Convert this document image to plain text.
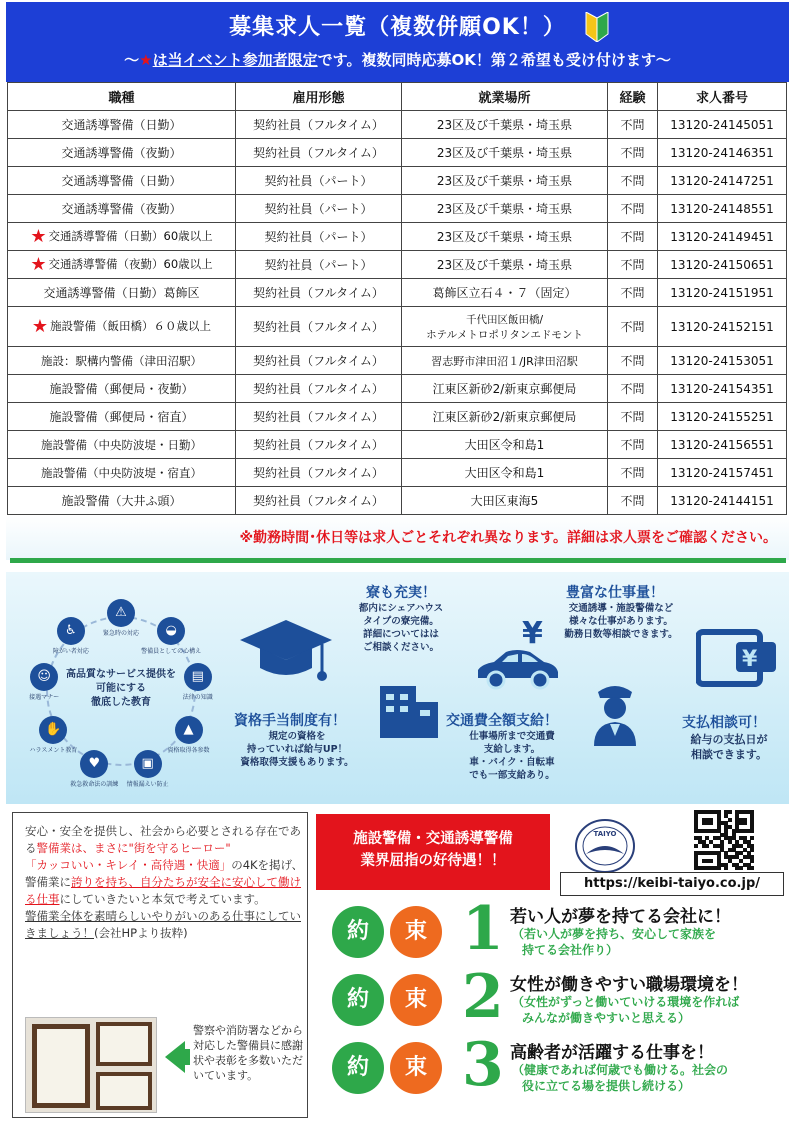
募集求人一覧（複数併願OK！）
〜★は当イベント参加者限定です。複数同時応募OK！第２希望も受け付けます〜
職種	雇用形態	就業場所	経験	求人番号
交通誘導警備（日勤）	契約社員（フルタイム）	23区及び千葉県・埼玉県	不問	13120-24145051
交通誘導警備（夜勤）	契約社員（フルタイム）	23区及び千葉県・埼玉県	不問	13120-24146351
交通誘導警備（日勤）	契約社員（パート）	23区及び千葉県・埼玉県	不問	13120-24147251
交通誘導警備（夜勤）	契約社員（パート）	23区及び千葉県・埼玉県	不問	13120-24148551
★ 交通誘導警備（日勤）60歳以上	契約社員（パート）	23区及び千葉県・埼玉県	不問	13120-24149451
★ 交通誘導警備（夜勤）60歳以上	契約社員（パート）	23区及び千葉県・埼玉県	不問	13120-24150651
交通誘導警備（日勤）葛飾区	契約社員（フルタイム）	葛飾区立石４・７（固定）	不問	13120-24151951
★ 施設警備（飯田橋）６０歳以上	契約社員（フルタイム）	千代田区飯田橋/
ホテルメトロポリタンエドモント	不問	13120-24152151
施設：駅構内警備（津田沼駅）	契約社員（フルタイム）	習志野市津田沼１/JR津田沼駅	不問	13120-24153051
施設警備（郵便局・夜勤）	契約社員（フルタイム）	江東区新砂2/新東京郵便局	不問	13120-24154351
施設警備（郵便局・宿直）	契約社員（フルタイム）	江東区新砂2/新東京郵便局	不問	13120-24155251
施設警備（中央防波堤・日勤）	契約社員（フルタイム）	大田区令和島1	不問	13120-24156551
施設警備（中央防波堤・宿直）	契約社員（フルタイム）	大田区令和島1	不問	13120-24157451
施設警備（大井ふ頭）	契約社員（フルタイム）	大田区東海5	不問	13120-24144151
※勤務時間･休日等は求人ごとそれぞれ異なります。詳細は求人票をご確認ください。
高品質なサービス提供を
可能にする
徹底した教育
⚠
緊急時の対応	◒
警備員としての心構え
▤
法律の知識
▲
資格取得各参数
▣
情報漏えい防止
♥
救急救命法の訓練
✋
ハラスメント教育
☺
接遇マナー
♿
障がい者対応
寮も充実！
都内にシェアハウス
タイプの寮完備。
詳細についてはは
ご相談ください。	¥
豊富な仕事量！
交通誘導・施設警備など
様々な仕事があります。
勤務日数等相談できます。
¥
資格手当制度有！
規定の資格を
持っていれば給与UP！
資格取得支援もあります。
交通費全額支給！
仕事場所まで交通費
支給します。
車・バイク・自転車
でも一部支給あり。
支払相談可！
給与の支払日が
相談できます。
安心・安全を提供し、社会から必要とされる存在である警備業は、まさに"街を守るヒーロー"
「カッコいい・キレイ・高待遇・快適」の4Kを掲げ、警備業に誇りを持ち、自分たちが安全に安心して働ける仕事にしていきたいと本気で考えています。
警備業全体を素晴らしいやりがいのある仕事にしていきましょう！(会社HPより抜粋)
警察や消防署などから対応した警備員に感謝状や表彰を多数いただいています。
施設警備・交通誘導警備
業界屈指の好待遇！！
TAIYO
https://keibi-taiyo.co.jp/
約	束 1 若い人が夢を持てる会社に！
（若い人が夢を持ち、安心して家族を
持てる会社作り）
約	束 2 女性が働きやすい職場環境を！
（女性がずっと働いていける環境を作れば
みんなが働きやすいと思える）
約	束 3 高齢者が活躍する仕事を！
（健康であれば何歳でも働ける。社会の
役に立てる場を提供し続ける）
